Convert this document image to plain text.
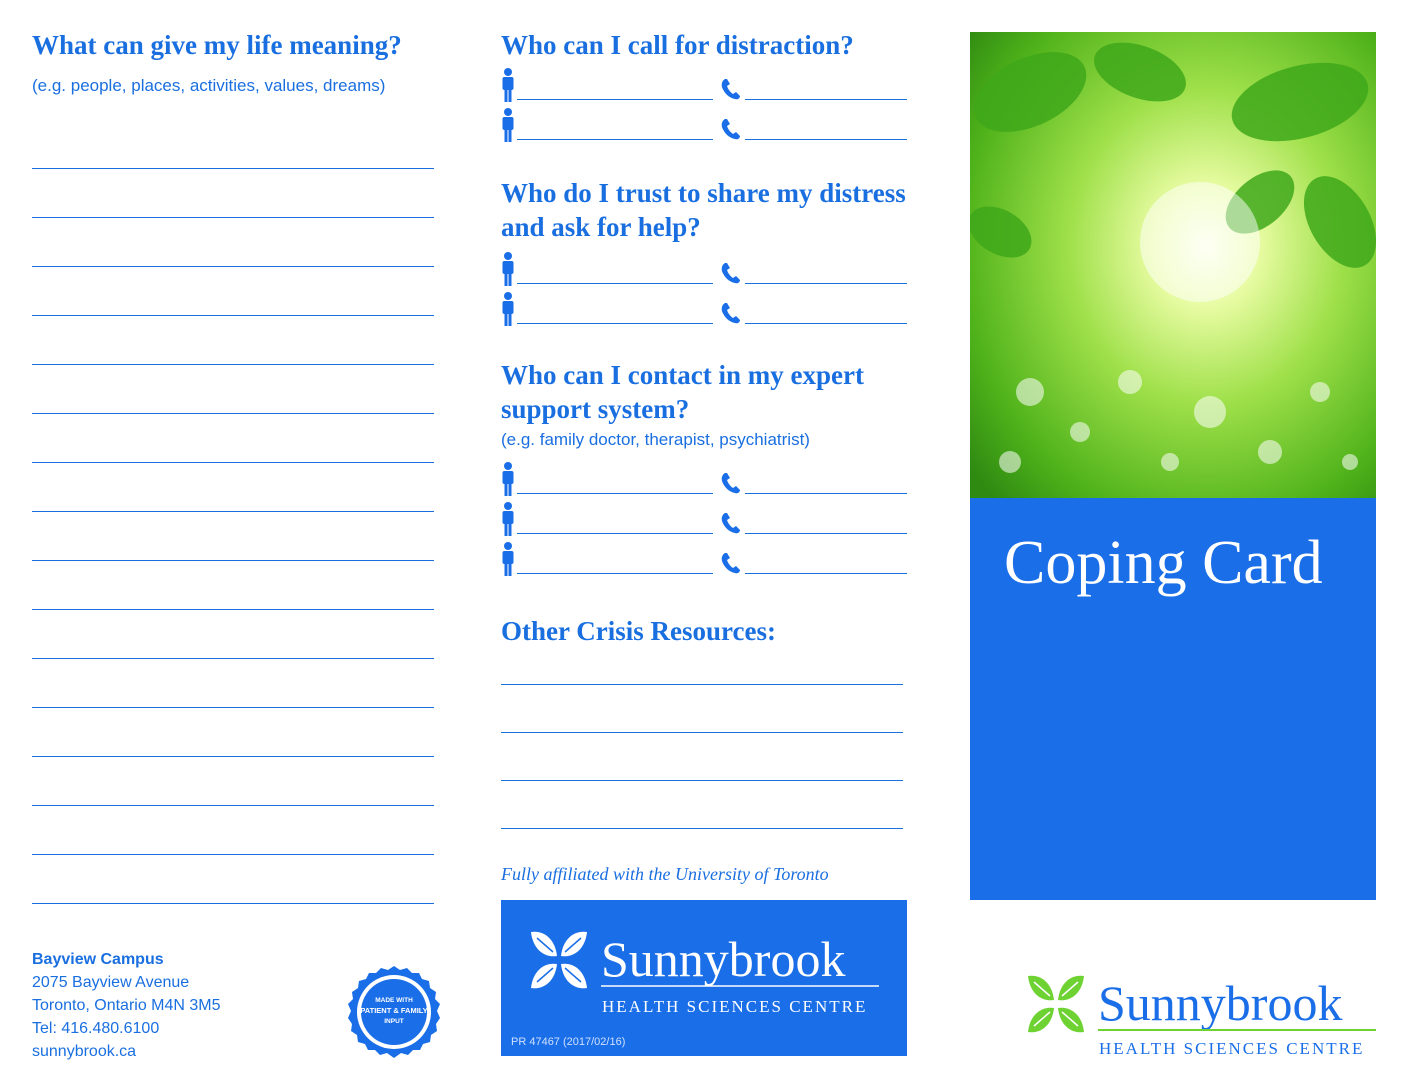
What can give my life meaning?
(e.g. people, places, activities, values, dreams)
Bayview Campus
2075 Bayview Avenue
Toronto, Ontario M4N 3M5
Tel: 416.480.6100
sunnybrook.ca
MADE WITH
PATIENT & FAMILY
INPUT
Who can I call for distraction?
Who do I trust to share my distress
and ask for help?
Who can I contact in my expert
support system?
(e.g. family doctor, therapist, psychiatrist)
Other Crisis Resources:
Fully affiliated with the University of Toronto
Sunnybrook
HEALTH SCIENCES CENTRE
PR 47467 (2017/02/16)
Coping Card
Sunnybrook
HEALTH SCIENCES CENTRE
